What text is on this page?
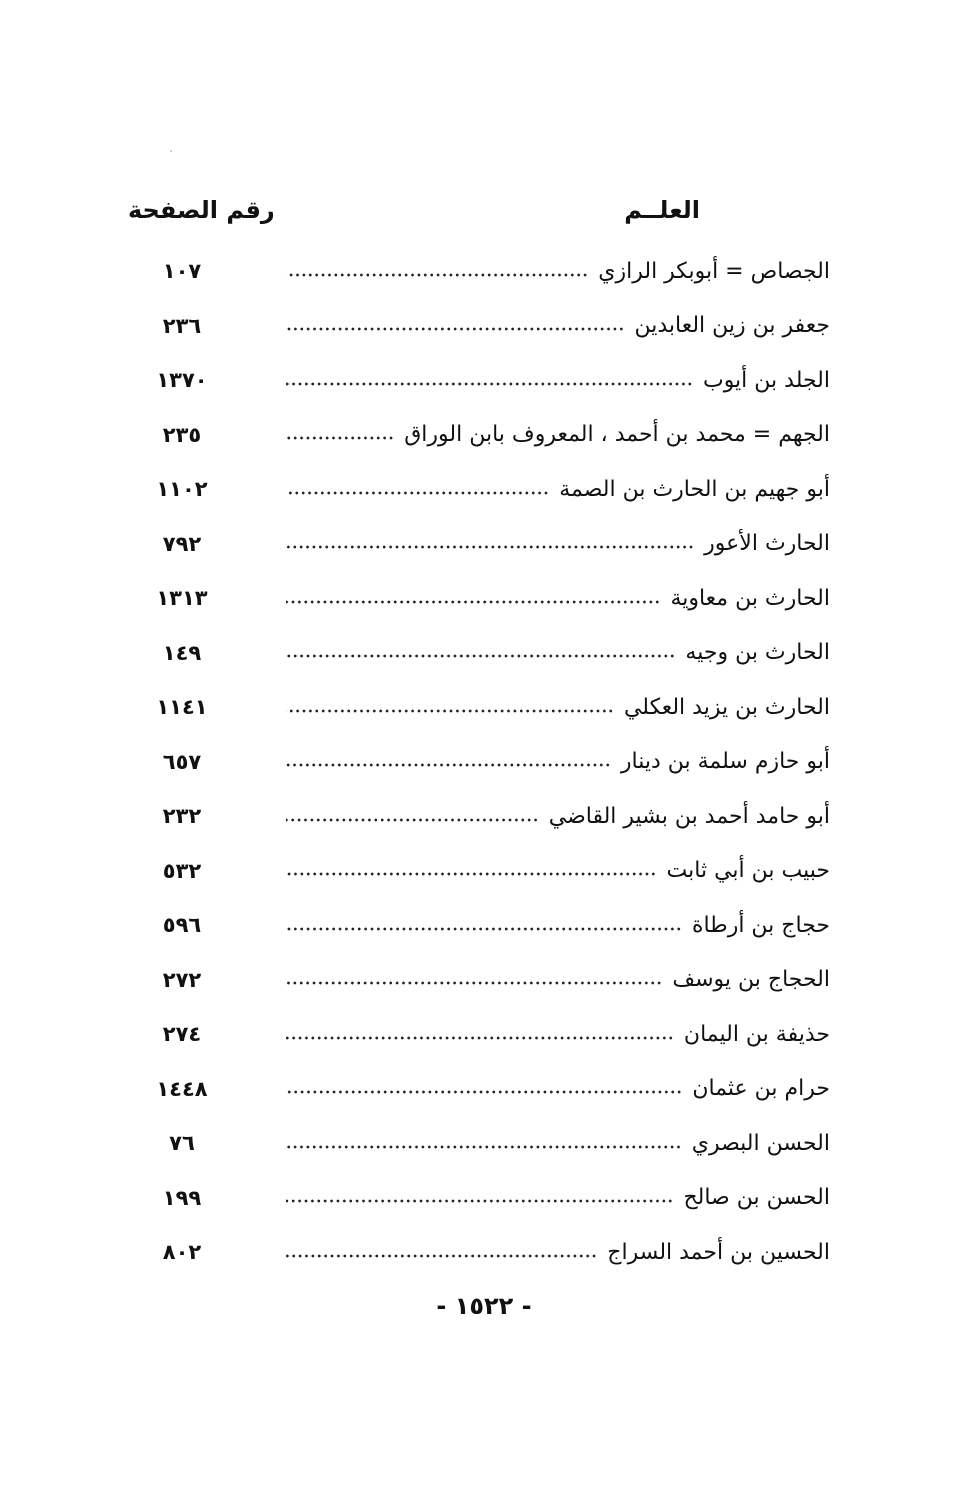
العلــم
رقم الصفحة
الجصاص = أبوبكر الرازي
١٠٧
جعفر بن زين العابدين
٢٣٦
الجلد بن أيوب
١٣٧٠
الجهم = محمد بن أحمد ، المعروف بابن الوراق
٢٣٥
أبو جهيم بن الحارث بن الصمة
١١٠٢
الحارث الأعور
٧٩٢
الحارث بن معاوية
١٣١٣
الحارث بن وجيه
١٤٩
الحارث بن يزيد العكلي
١١٤١
أبو حازم سلمة بن دينار
٦٥٧
أبو حامد أحمد بن بشير القاضي
٢٣٢
حبيب بن أبي ثابت
٥٣٢
حجاج بن أرطاة
٥٩٦
الحجاج بن يوسف
٢٧٢
حذيفة بن اليمان
٢٧٤
حرام بن عثمان
١٤٤٨
الحسن البصري
٧٦
الحسن بن صالح
١٩٩
الحسين بن أحمد السراج
٨٠٢
- ١٥٢٢ -
